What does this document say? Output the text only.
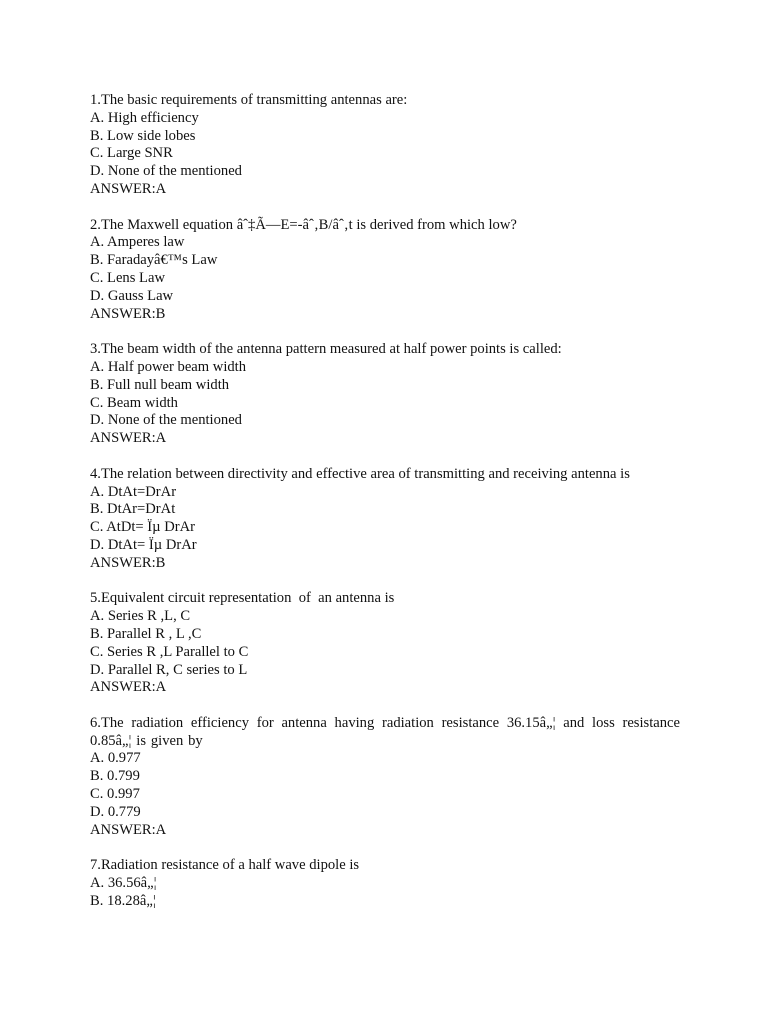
1.The basic requirements of transmitting antennas are:
A. High efficiency
B. Low side lobes
C. Large SNR
D. None of the mentioned
ANSWER:A
2.The Maxwell equation âˆ‡Ã—E=-âˆ‚B/âˆ‚t is derived from which low?
A. Amperes law
B. Faradayâ€™s Law
C. Lens Law
D. Gauss Law
ANSWER:B
3.The beam width of the antenna pattern measured at half power points is called:
A. Half power beam width
B. Full null beam width
C. Beam width
D. None of the mentioned
ANSWER:A
4.The relation between directivity and effective area of transmitting and receiving antenna is
A. DtAt=DrAr
B. DtAr=DrAt
C. AtDt= Ïµ DrAr
D. DtAt= Ïµ DrAr
ANSWER:B
5.Equivalent circuit representation  of  an antenna is
A. Series R ,L, C
B. Parallel R , L ,C
C. Series R ,L Parallel to C
D. Parallel R, C series to L
ANSWER:A
6.The radiation efficiency for antenna having radiation resistance 36.15â„¦ and loss resistance 0.85â„¦ is given by
A. 0.977
B. 0.799
C. 0.997
D. 0.779
ANSWER:A
7.Radiation resistance of a half wave dipole is
A. 36.56â„¦
B. 18.28â„¦
